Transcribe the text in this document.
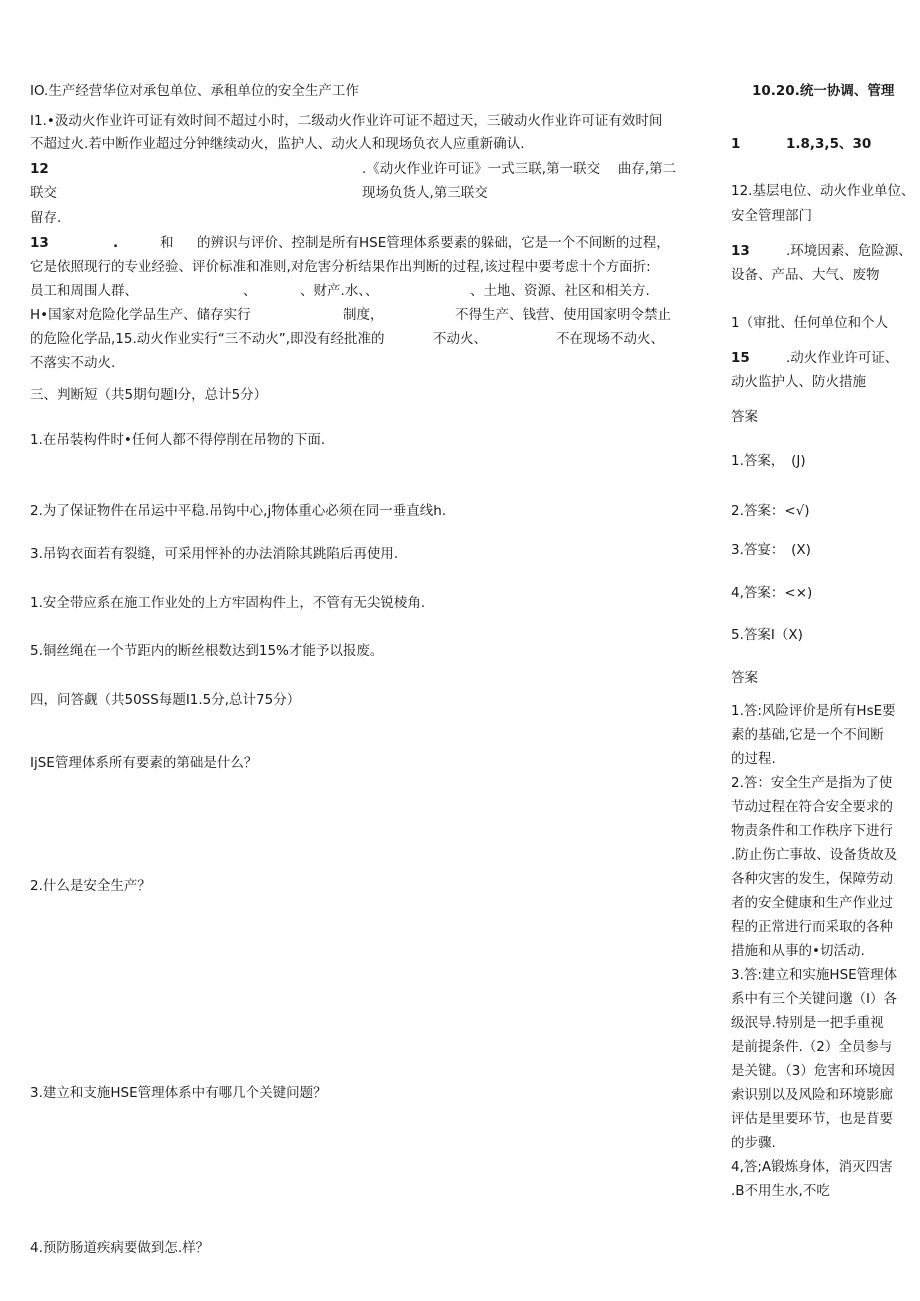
IO.生产经营华位对承包单位、承租单位的安全生产工作
I1.•汲动火作业许可证有效时间不超过小时，二级动火作业许可证不超过天，三破动火作业许可证有效时间
不超过火.若中断作业超过分钟继续动火，监护人、动火人和现场负衣人应重新确认.
12	.《动火作业许可证》一式三联,第一联交　 曲存,第二
联交	现场负货人,第三联交
留存.
13	.	和 的辨识与评价、控制是所有HSE管理体系要素的躲础，它是一个不间断的过程，
它是依照现行的专业经验、评价标准和准则,对危害分析结果作出判断的过程,该过程中要考虑十个方面折:
员工和周围人群、	、	、财产.水、、	、土地、资源、社区和相关方.
H•国家对危险化学品生产、储存实行	制度，	不得生产、钱营、使用国家明令禁止
的危险化学品,15.动火作业实行“三不动火”,即没有经批准的	不动火、	不在现场不动火、
不落实不动火.
三、判断短（共5期句题I分，总计5分）
1.在吊装构件时•任何人都不得停削在吊物的下面.
2.为了保证物件在吊运中平稳.吊钩中心,j物体重心必须在同一垂直线h.
3.吊钩衣面若有裂缝，可采用怦补的办法消除其跳陷后再使用.
1.安全带应系在施工作业处的上方牢固构件上，不管有无尖锐棱角.
5.铜丝绳在一个节距内的断丝根数达到15%才能予以报废。
四，问答觑（共50SS每题I1.5分,总计75分）
IjSE管理体系所有要素的第础是什么？
2.什么是安全生产？
3.建立和支施HSE管理体系中有哪几个关键问题？
4.预防肠道疾病要做到怎.样？
10.20.统一协调、管理
1	1.8,3,5、30
12.基层电位、动火作业单位、
安全管理部门
13	.环境因素、危险源、
设备、产品、大气、废物
1（审批、任何单位和个人
15	.动火作业许可证、
动火监护人、防火措施
答案
1.答案，　(J)
2.答案：<√)
3.答宴：　(X)
4,答案：<×)
5.答案I（X)
答案
1.答:风险评价是所有HsE要
素的基础,它是一个不间断
的过程.
2.答：安全生产是指为了使
节动过程在符合安全要求的
物责条件和工作秩序下进行
.防止伤亡事故、设备货故及
各种灾害的发生，保障劳动
者的安全健康和生产作业过
程的正常进行而采取的各种
措施和从事的•切活动.
3.答:建立和实施HSE管理体
系中有三个关键问邈（I）各
级泯导.特别是一把手重视
是前提条件.（2）全员参与
是关键。（3）危害和环境因
索识别以及风险和环境影廊
评估是里要环节，也是苜要
的步骤.
4,答;A锻炼身体，消灭四害
.B不用生水,不吃
